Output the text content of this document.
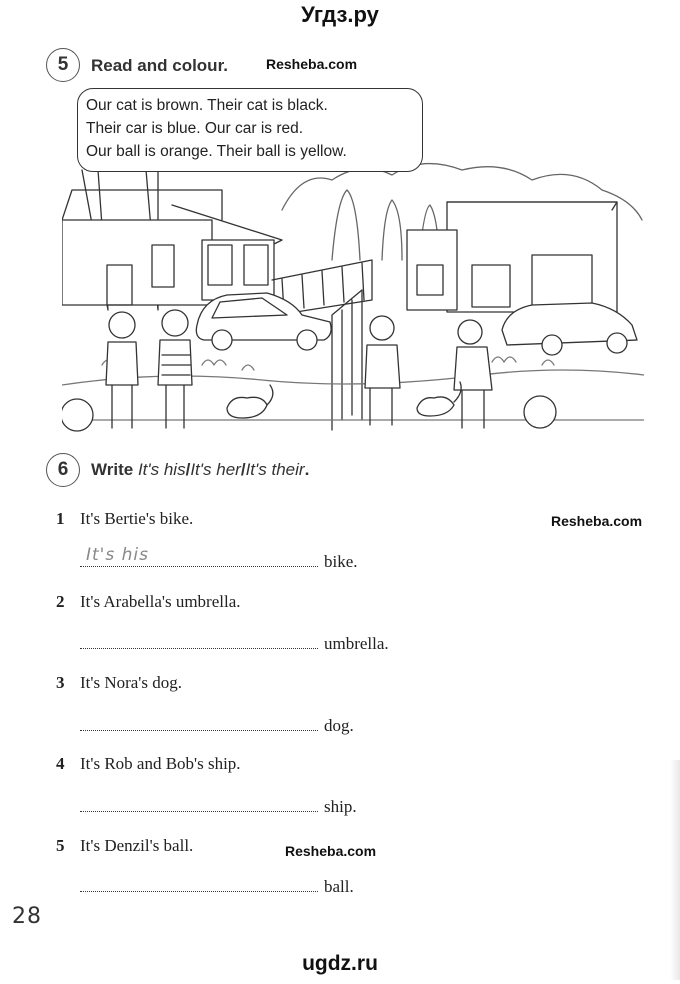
Угдз.ру
5	Read and colour.	Resheba.com
Our cat is brown. Their cat is black.
Their car is blue. Our car is red.
Our ball is orange. Their ball is yellow.
6	Write It's his/It's her/It's their.
Resheba.com
1 It's Bertie's bike.
It's his	bike.
2 It's Arabella's umbrella.
umbrella.
3 It's Nora's dog.
dog.
4 It's Rob and Bob's ship.
ship.
5 It's Denzil's ball.	Resheba.com
ball.
28
ugdz.ru
